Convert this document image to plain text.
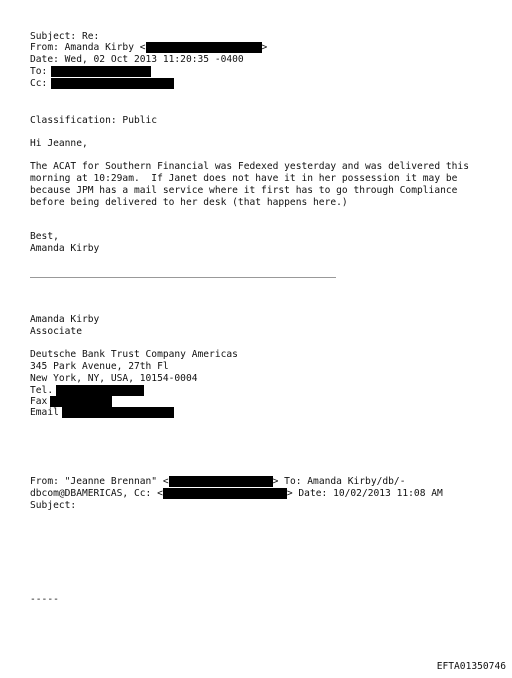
Subject: Re:
From: Amanda Kirby <	>
Date: Wed, 02 Oct 2013 11:20:35 -0400
To:
Cc:
Classification: Public
Hi Jeanne,
The ACAT for Southern Financial was Fedexed yesterday and was delivered this
morning at 10:29am.  If Janet does not have it in her possession it may be
because JPM has a mail service where it first has to go through Compliance
before being delivered to her desk (that happens here.)
Best,
Amanda Kirby
Amanda Kirby
Associate
Deutsche Bank Trust Company Americas
345 Park Avenue, 27th Fl
New York, NY, USA, 10154-0004
Tel.
Fax
Email
From: "Jeanne Brennan" <	> To: Amanda Kirby/db/-
dbcom@DBAMERICAS, Cc: <	> Date: 10/02/2013 11:08 AM
Subject:
-----
EFTA01350746
